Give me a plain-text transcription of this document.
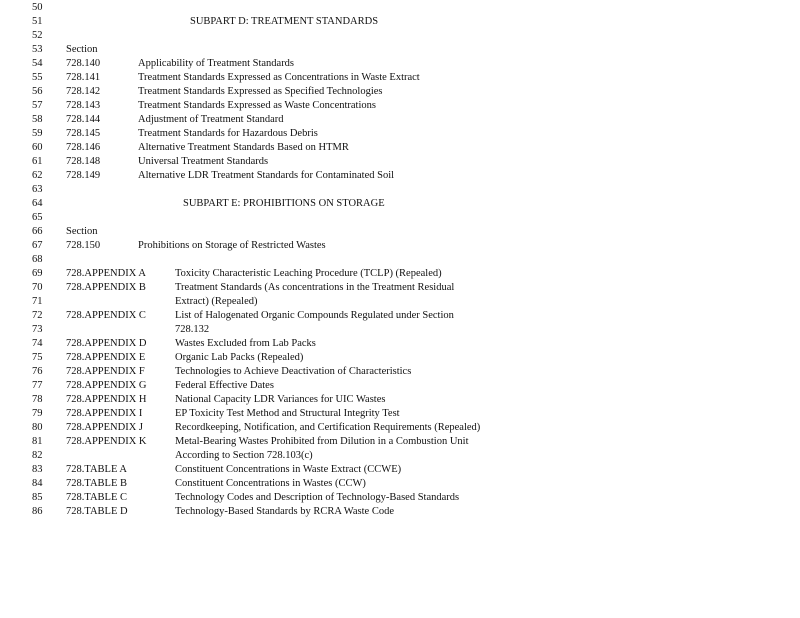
50
51	SUBPART D: TREATMENT STANDARDS
52
53	Section
54	728.140	Applicability of Treatment Standards
55	728.141	Treatment Standards Expressed as Concentrations in Waste Extract
56	728.142	Treatment Standards Expressed as Specified Technologies
57	728.143	Treatment Standards Expressed as Waste Concentrations
58	728.144	Adjustment of Treatment Standard
59	728.145	Treatment Standards for Hazardous Debris
60	728.146	Alternative Treatment Standards Based on HTMR
61	728.148	Universal Treatment Standards
62	728.149	Alternative LDR Treatment Standards for Contaminated Soil
63
64	SUBPART E: PROHIBITIONS ON STORAGE
65
66	Section
67	728.150	Prohibitions on Storage of Restricted Wastes
68
69	728.APPENDIX A	Toxicity Characteristic Leaching Procedure (TCLP) (Repealed)
70	728.APPENDIX B	Treatment Standards (As concentrations in the Treatment Residual
71	Extract) (Repealed)
72	728.APPENDIX C	List of Halogenated Organic Compounds Regulated under Section
73	728.132
74	728.APPENDIX D	Wastes Excluded from Lab Packs
75	728.APPENDIX E	Organic Lab Packs (Repealed)
76	728.APPENDIX F	Technologies to Achieve Deactivation of Characteristics
77	728.APPENDIX G	Federal Effective Dates
78	728.APPENDIX H	National Capacity LDR Variances for UIC Wastes
79	728.APPENDIX I	EP Toxicity Test Method and Structural Integrity Test
80	728.APPENDIX J	Recordkeeping, Notification, and Certification Requirements (Repealed)
81	728.APPENDIX K	Metal-Bearing Wastes Prohibited from Dilution in a Combustion Unit
82	According to Section 728.103(c)
83	728.TABLE A	Constituent Concentrations in Waste Extract (CCWE)
84	728.TABLE B	Constituent Concentrations in Wastes (CCW)
85	728.TABLE C	Technology Codes and Description of Technology-Based Standards
86	728.TABLE D	Technology-Based Standards by RCRA Waste Code
